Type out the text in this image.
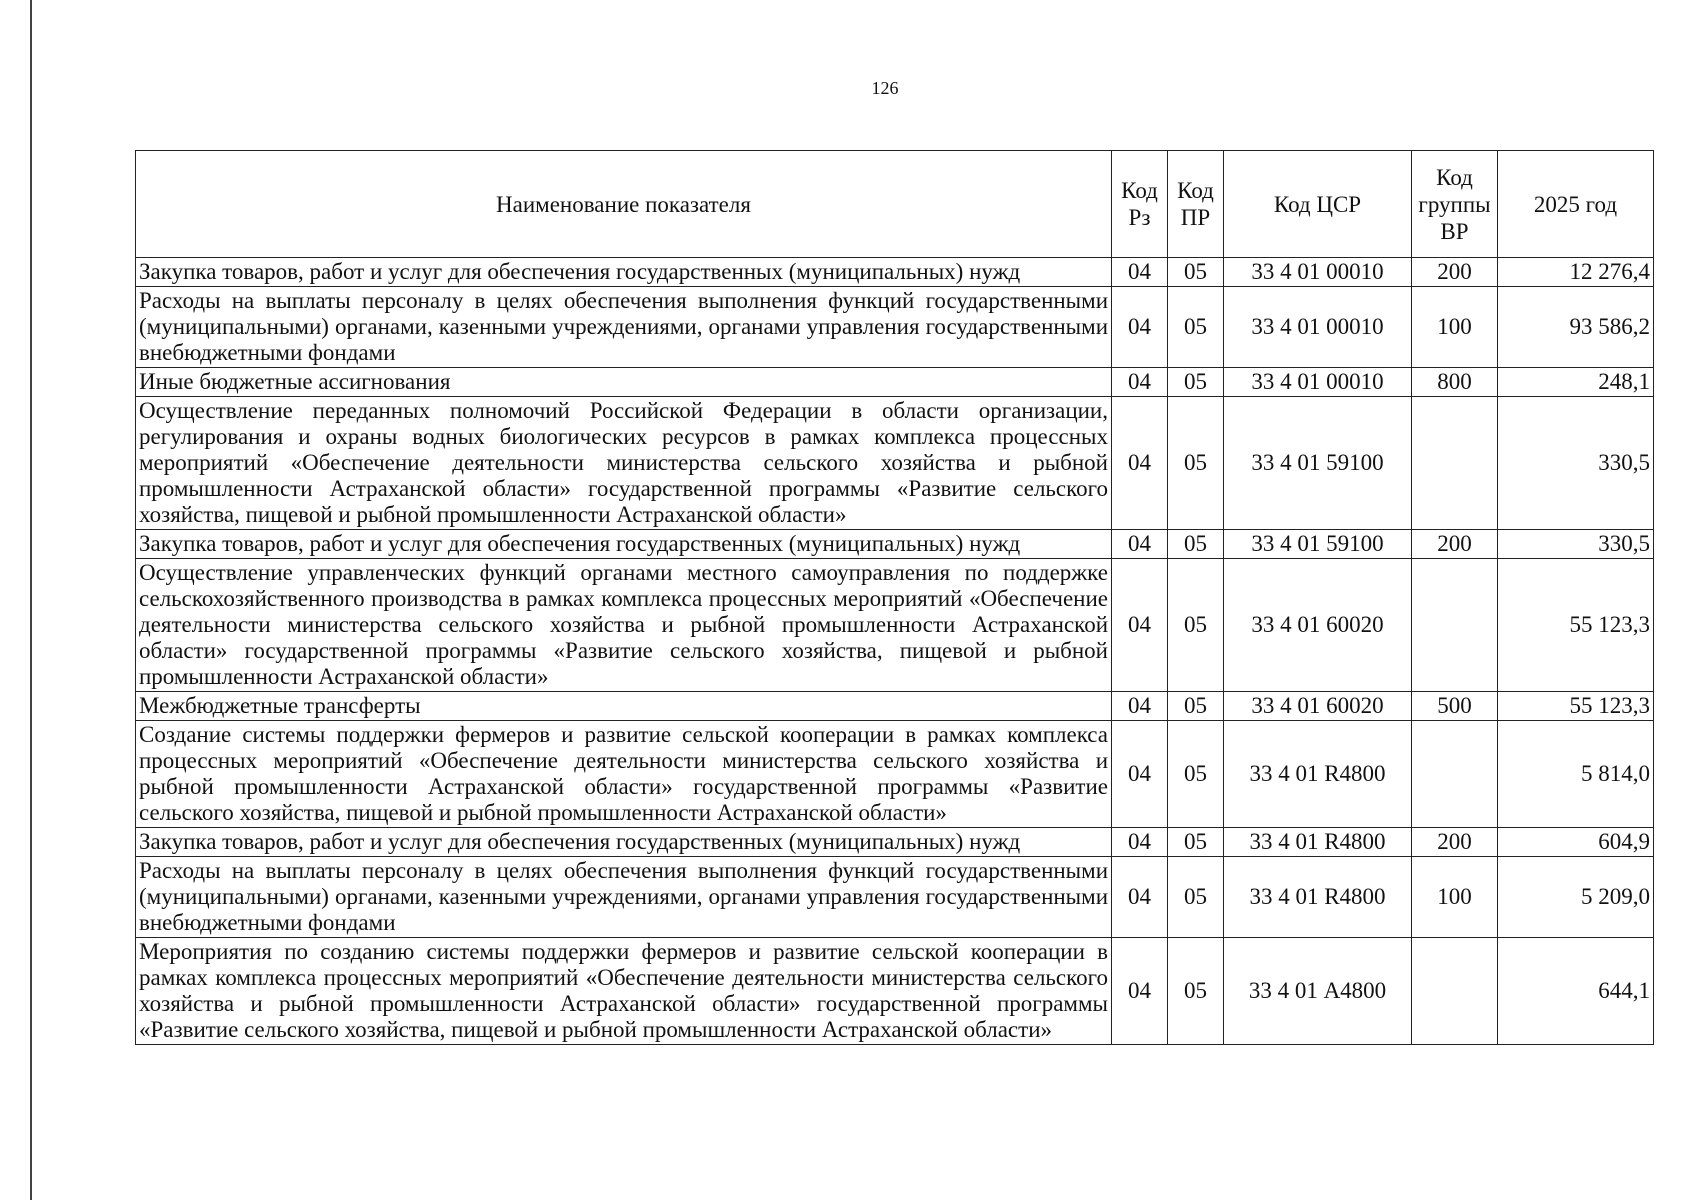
126
Наименование показателя	Код Рз	Код ПР	Код ЦСР	Код группы ВР	2025 год
Закупка товаров, работ и услуг для обеспечения государственных (муниципальных) нужд	04	05	33 4 01 00010	200	12 276,4
Расходы на выплаты персоналу в целях обеспечения выполнения функций государственными (муниципальными) органами, казенными учреждениями, органами управления государственными внебюджетными фондами	04	05	33 4 01 00010	100	93 586,2
Иные бюджетные ассигнования	04	05	33 4 01 00010	800	248,1
Осуществление переданных полномочий Российской Федерации в области организации, регулирования и охраны водных биологических ресурсов в рамках комплекса процессных мероприятий «Обеспечение деятельности министерства сельского хозяйства и рыбной промышленности Астраханской области» государственной программы «Развитие сельского хозяйства, пищевой и рыбной промышленности Астраханской области»	04	05	33 4 01 59100		330,5
Закупка товаров, работ и услуг для обеспечения государственных (муниципальных) нужд	04	05	33 4 01 59100	200	330,5
Осуществление управленческих функций органами местного самоуправления по поддержке сельскохозяйственного производства в рамках комплекса процессных мероприятий «Обеспечение деятельности министерства сельского хозяйства и рыбной промышленности Астраханской области» государственной программы «Развитие сельского хозяйства, пищевой и рыбной промышленности Астраханской области»	04	05	33 4 01 60020		55 123,3
Межбюджетные трансферты	04	05	33 4 01 60020	500	55 123,3
Создание системы поддержки фермеров и развитие сельской кооперации в рамках комплекса процессных мероприятий «Обеспечение деятельности министерства сельского хозяйства и рыбной промышленности Астраханской области» государственной программы «Развитие сельского хозяйства, пищевой и рыбной промышленности Астраханской области»	04	05	33 4 01 R4800		5 814,0
Закупка товаров, работ и услуг для обеспечения государственных (муниципальных) нужд	04	05	33 4 01 R4800	200	604,9
Расходы на выплаты персоналу в целях обеспечения выполнения функций государственными (муниципальными) органами, казенными учреждениями, органами управления государственными внебюджетными фондами	04	05	33 4 01 R4800	100	5 209,0
Мероприятия по созданию системы поддержки фермеров и развитие сельской кооперации в рамках комплекса процессных мероприятий «Обеспечение деятельности министерства сельского хозяйства и рыбной промышленности Астраханской области» государственной программы «Развитие сельского хозяйства, пищевой и рыбной промышленности Астраханской области»	04	05	33 4 01 А4800		644,1
